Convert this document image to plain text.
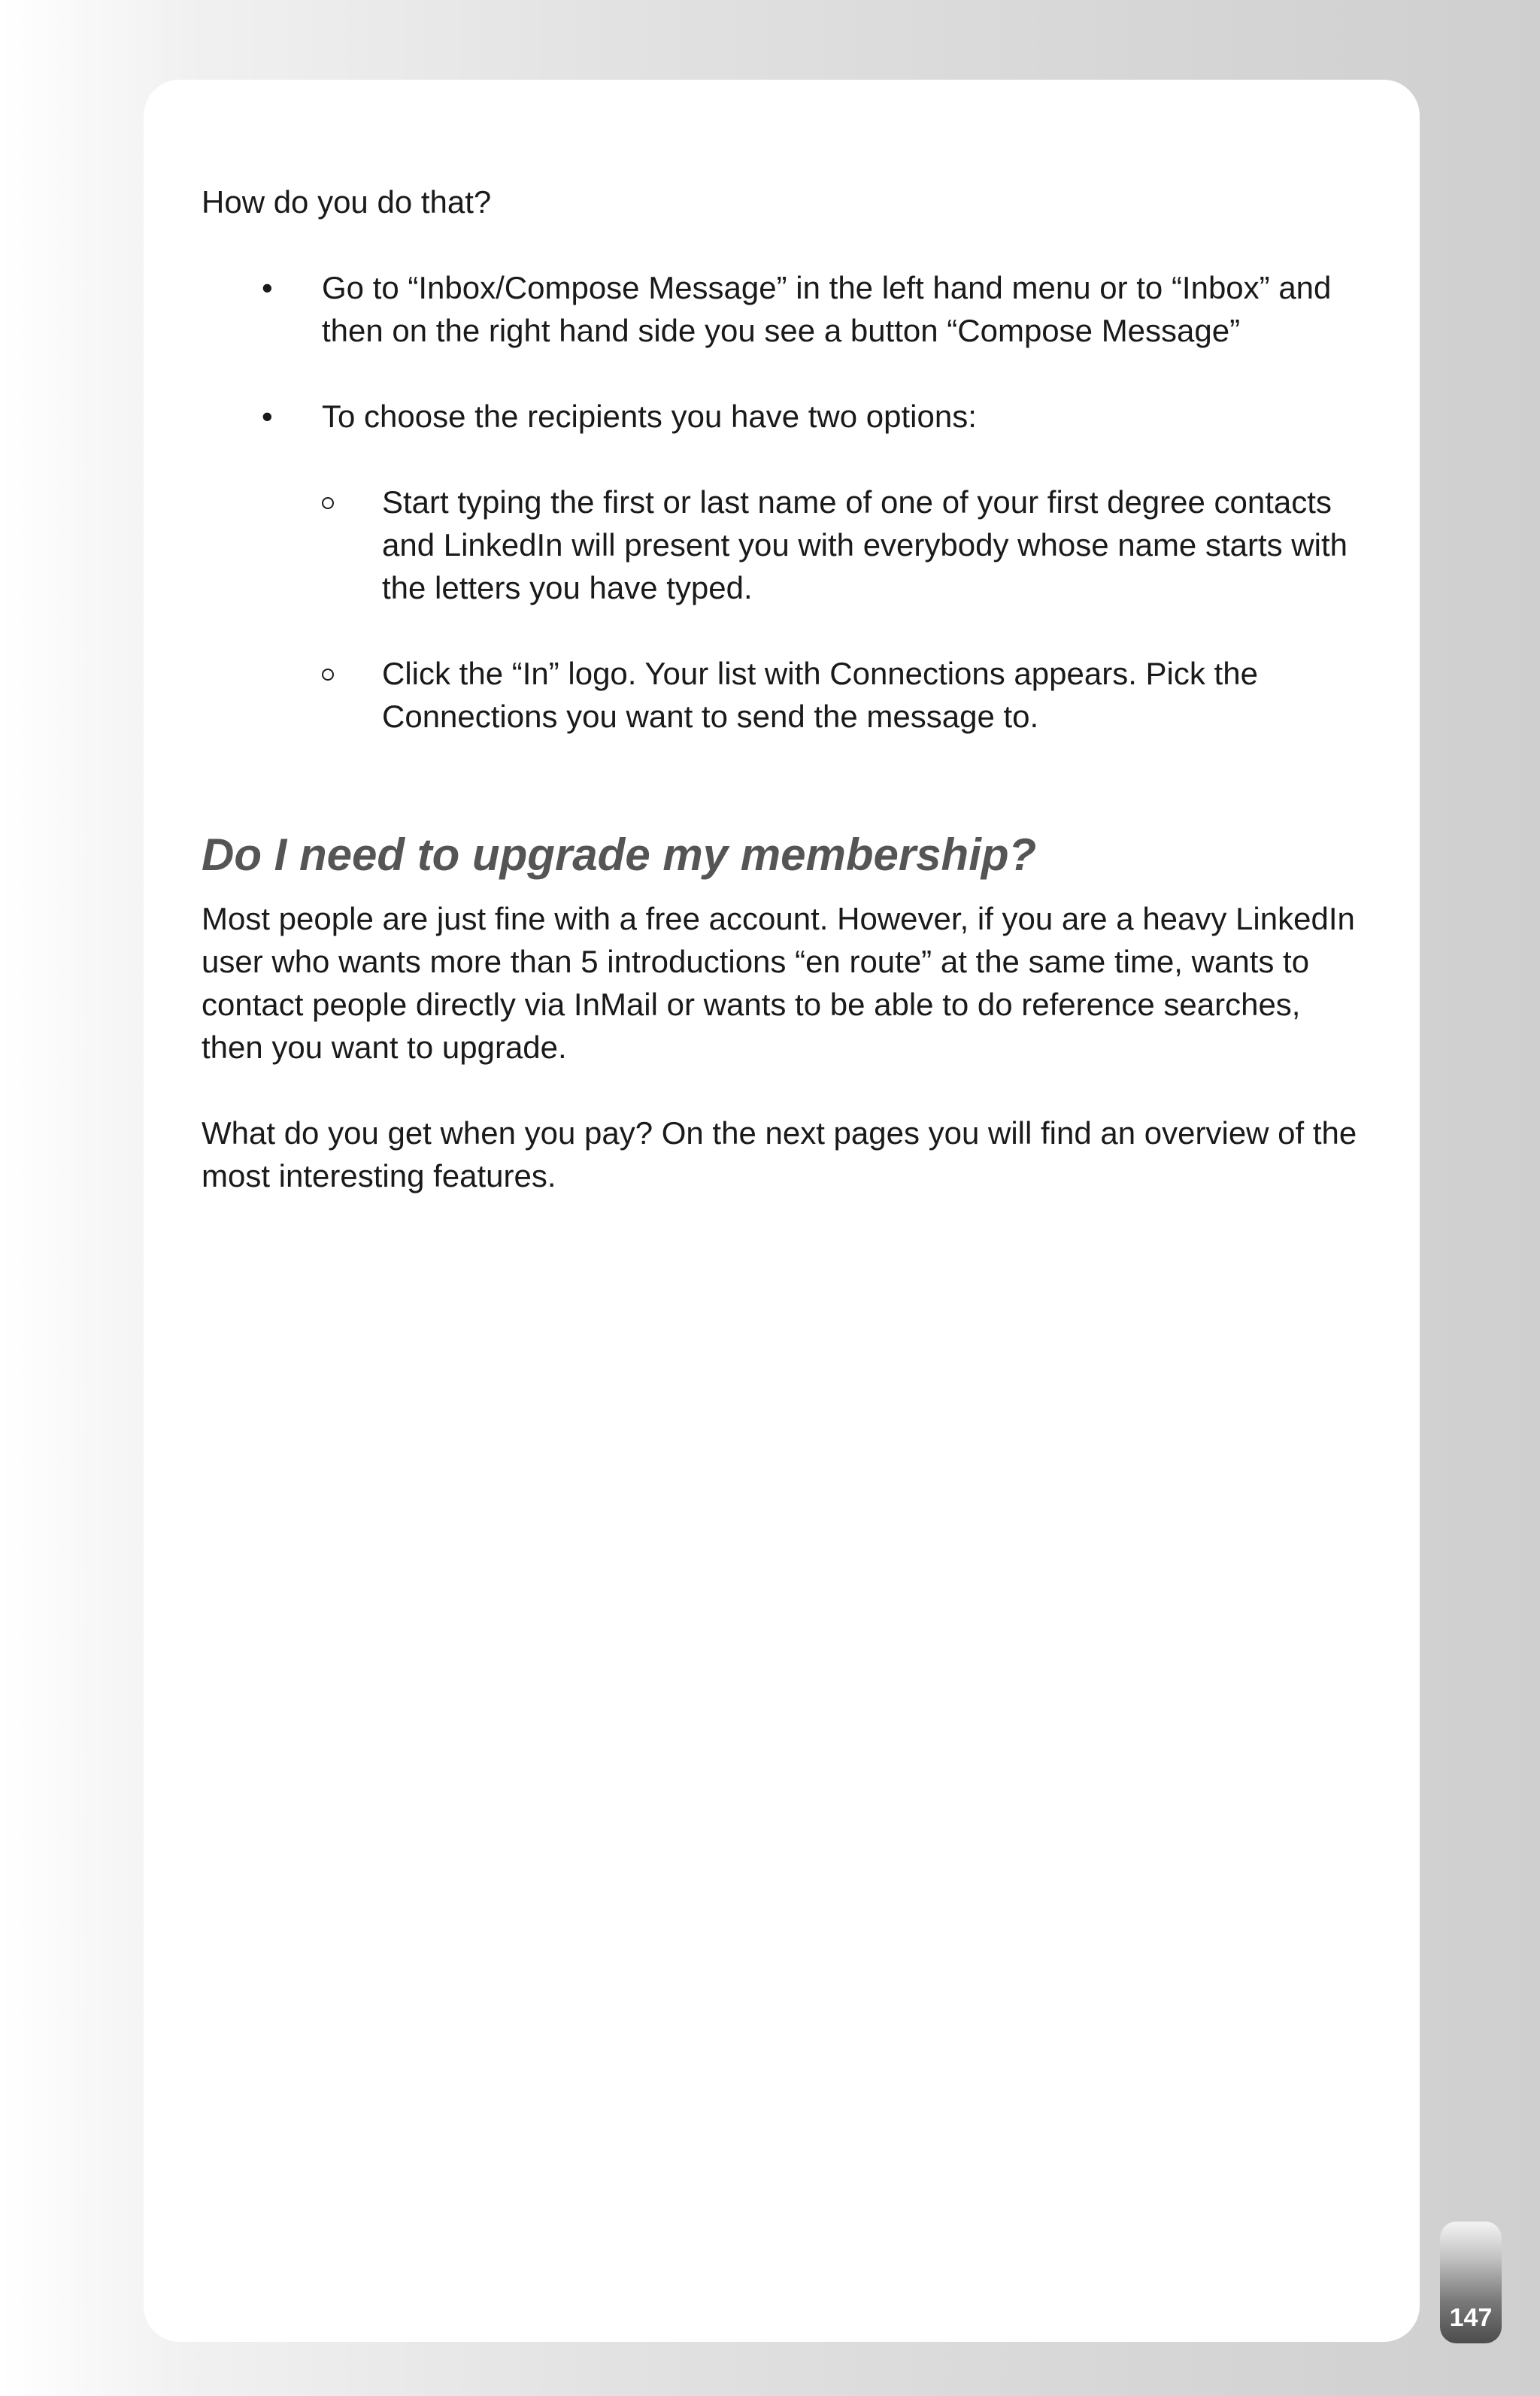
How do you do that?

•	Go to “Inbox/Compose Message” in the left hand menu or to “Inbox” and then on the right hand side you see a button “Compose Message”
•	To choose the recipients you have two options:
Start typing the first or last name of one of your first degree contacts and LinkedIn will present you with everybody whose name starts with the letters you have typed.
Click the “In” logo. Your list with Connections appears. Pick the Connections you want to send the message to.
Do I need to upgrade my membership?

Most people are just fine with a free account. However, if you are a heavy LinkedIn user who wants more than 5 introductions “en route” at the same time, wants to contact people directly via InMail or wants to be able to do reference searches, then you want to upgrade.

What do you get when you pay? On the next pages you will find an overview of the most interesting features.

147
